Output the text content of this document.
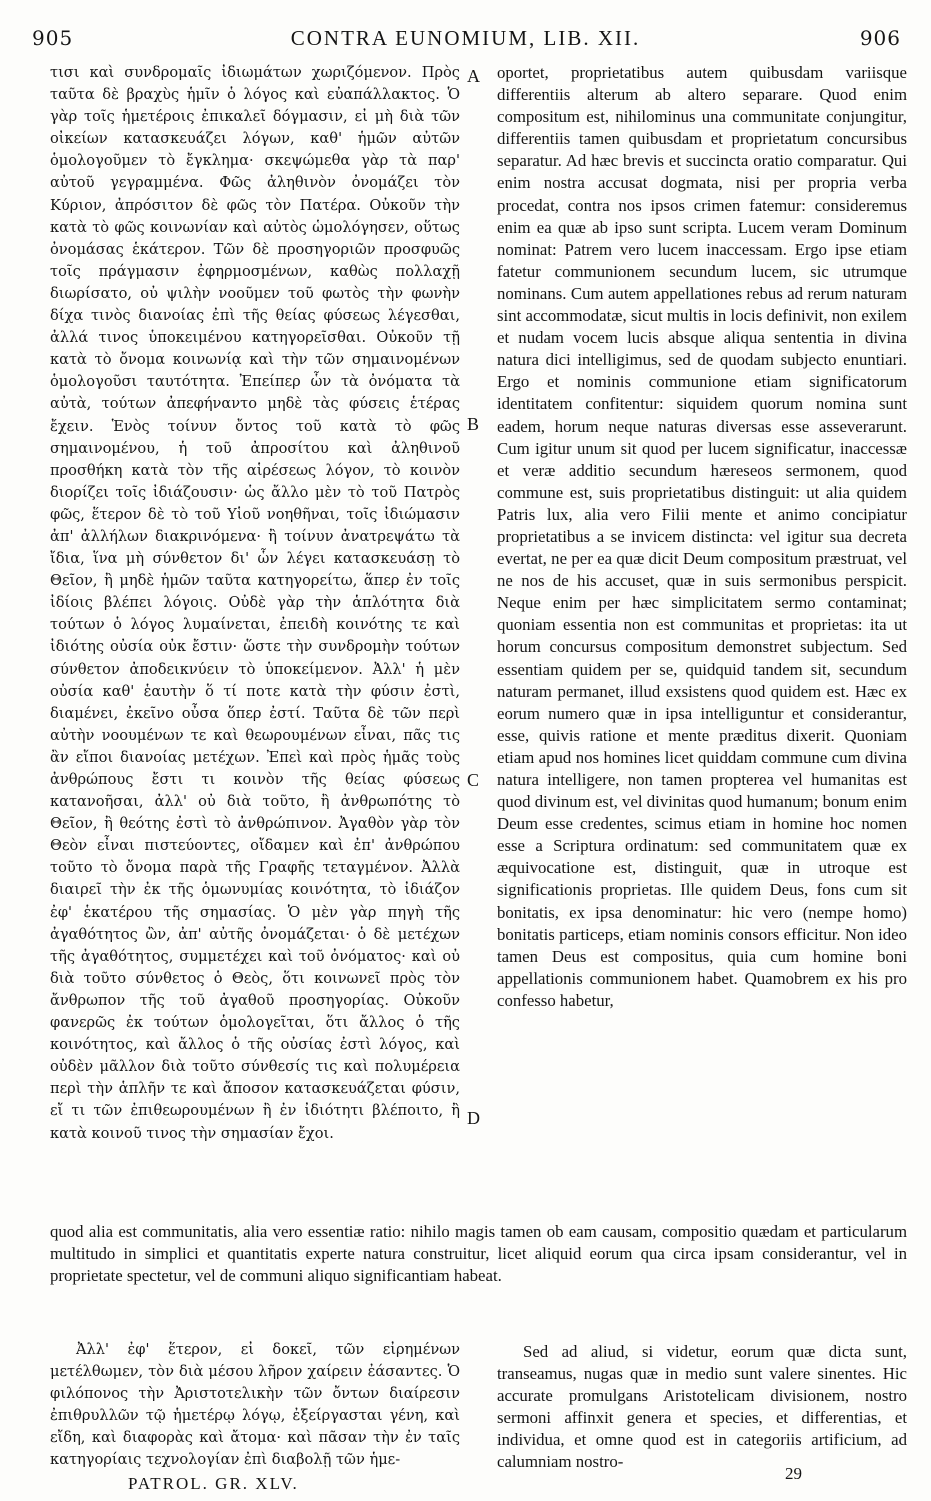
905	CONTRA EUNOMIUM, LIB. XII.	906

τισι καὶ συνδρομαῖς ἰδιωμάτων χωριζόμενον. Πρὸς ταῦτα δὲ βραχὺς ἡμῖν ὁ λόγος καὶ εὐαπάλλακτος. Ὁ γὰρ τοῖς ἡμετέροις ἐπικαλεῖ δόγμασιν, εἰ μὴ διὰ τῶν οἰκείων κατασκευάζει λόγων, καθ' ἡμῶν αὐτῶν ὁμολογοῦμεν τὸ ἔγκλημα· σκεψώμεθα γὰρ τὰ παρ' αὐτοῦ γεγραμμένα. Φῶς ἀληθινὸν ὀνομάζει τὸν Κύριον, ἀπρόσιτον δὲ φῶς τὸν Πατέρα. Οὐκοῦν τὴν κατὰ τὸ φῶς κοινωνίαν καὶ αὐτὸς ὡμολόγησεν, οὕτως ὀνομάσας ἑκάτερον. Τῶν δὲ προσηγοριῶν προσφυῶς τοῖς πράγμασιν ἐφηρμοσμένων, καθὼς πολλαχῇ διωρίσατο, οὐ ψιλὴν νοοῦμεν τοῦ φωτὸς τὴν φωνὴν δίχα τινὸς διανοίας ἐπὶ τῆς θείας φύσεως λέγεσθαι, ἀλλά τινος ὑποκειμένου κατηγορεῖσθαι. Οὐκοῦν τῇ κατὰ τὸ ὄνομα κοινωνίᾳ καὶ τὴν τῶν σημαινομένων ὁμολογοῦσι ταυτότητα. Ἐπείπερ ὧν τὰ ὀνόματα τὰ αὐτὰ, τούτων ἀπεφήναντο μηδὲ τὰς φύσεις ἑτέρας ἔχειν. Ἑνὸς τοίνυν ὄντος τοῦ κατὰ τὸ φῶς σημαινομένου, ἡ τοῦ ἀπροσίτου καὶ ἀληθινοῦ προσθήκη κατὰ τὸν τῆς αἱρέσεως λόγον, τὸ κοινὸν διορίζει τοῖς ἰδιάζουσιν· ὡς ἄλλο μὲν τὸ τοῦ Πατρὸς φῶς, ἕτερον δὲ τὸ τοῦ Υἱοῦ νοηθῆναι, τοῖς ἰδιώμασιν ἀπ' ἀλλήλων διακρινόμενα· ἢ τοίνυν ἀνατρεψάτω τὰ ἴδια, ἵνα μὴ σύνθετον δι' ὧν λέγει κατασκευάσῃ τὸ Θεῖον, ἢ μηδὲ ἡμῶν ταῦτα κατηγορείτω, ἅπερ ἐν τοῖς ἰδίοις βλέπει λόγοις. Οὐδὲ γὰρ τὴν ἁπλότητα διὰ τούτων ὁ λόγος λυμαίνεται, ἐπειδὴ κοινότης τε καὶ ἰδιότης οὐσία οὐκ ἔστιν· ὥστε τὴν συνδρομὴν τούτων σύνθετον ἀποδεικνύειν τὸ ὑποκείμενον. Ἀλλ' ἡ μὲν οὐσία καθ' ἑαυτὴν ὅ τί ποτε κατὰ τὴν φύσιν ἐστὶ, διαμένει, ἐκεῖνο οὖσα ὅπερ ἐστί. Ταῦτα δὲ τῶν περὶ αὐτὴν νοουμένων τε καὶ θεωρουμένων εἶναι, πᾶς τις ἂν εἴποι διανοίας μετέχων. Ἐπεὶ καὶ πρὸς ἡμᾶς τοὺς ἀνθρώπους ἔστι τι κοινὸν τῆς θείας φύσεως κατανοῆσαι, ἀλλ' οὐ διὰ τοῦτο, ἢ ἀνθρωπότης τὸ Θεῖον, ἢ θεότης ἐστὶ τὸ ἀνθρώπινον. Ἀγαθὸν γὰρ τὸν Θεὸν εἶναι πιστεύοντες, οἴδαμεν καὶ ἐπ' ἀνθρώπου τοῦτο τὸ ὄνομα παρὰ τῆς Γραφῆς τεταγμένον. Ἀλλὰ διαιρεῖ τὴν ἐκ τῆς ὁμωνυμίας κοινότητα, τὸ ἰδιάζον ἐφ' ἑκατέρου τῆς σημασίας. Ὁ μὲν γὰρ πηγὴ τῆς ἀγαθότητος ὢν, ἀπ' αὐτῆς ὀνομάζεται· ὁ δὲ μετέχων τῆς ἀγαθότητος, συμμετέχει καὶ τοῦ ὀνόματος· καὶ οὐ διὰ τοῦτο σύνθετος ὁ Θεὸς, ὅτι κοινωνεῖ πρὸς τὸν ἄνθρωπον τῆς τοῦ ἀγαθοῦ προσηγορίας. Οὐκοῦν φανερῶς ἐκ τούτων ὁμολογεῖται, ὅτι ἄλλος ὁ τῆς κοινότητος, καὶ ἄλλος ὁ τῆς οὐσίας ἐστὶ λόγος, καὶ οὐδὲν μᾶλλον διὰ τοῦτο σύνθεσίς τις καὶ πολυμέρεια περὶ τὴν ἁπλῆν τε καὶ ἄποσον κατασκευάζεται φύσιν, εἴ τι τῶν ἐπιθεωρουμένων ἢ ἐν ἰδιότητι βλέποιτο, ἢ κατὰ κοινοῦ τινος τὴν σημασίαν ἔχοι.

oportet, proprietatibus autem quibusdam variisque differentiis alterum ab altero separare. Quod enim compositum est, nihilominus una communitate conjungitur, differentiis tamen quibusdam et proprietatum concursibus separatur. Ad hæc brevis et succincta oratio comparatur. Qui enim nostra accusat dogmata, nisi per propria verba procedat, contra nos ipsos crimen fatemur: consideremus enim ea quæ ab ipso sunt scripta. Lucem veram Dominum nominat: Patrem vero lucem inaccessam. Ergo ipse etiam fatetur communionem secundum lucem, sic utrumque nominans. Cum autem appellationes rebus ad rerum naturam sint accommodatæ, sicut multis in locis definivit, non exilem et nudam vocem lucis absque aliqua sententia in divina natura dici intelligimus, sed de quodam subjecto enuntiari. Ergo et nominis communione etiam significatorum identitatem confitentur: siquidem quorum nomina sunt eadem, horum neque naturas diversas esse asseverarunt. Cum igitur unum sit quod per lucem significatur, inaccessæ et veræ additio secundum hæreseos sermonem, quod commune est, suis proprietatibus distinguit: ut alia quidem Patris lux, alia vero Filii mente et animo concipiatur proprietatibus a se invicem distincta: vel igitur sua decreta evertat, ne per ea quæ dicit Deum compositum præstruat, vel ne nos de his accuset, quæ in suis sermonibus perspicit. Neque enim per hæc simplicitatem sermo contaminat; quoniam essentia non est communitas et proprietas: ita ut horum concursus compositum demonstret subjectum. Sed essentiam quidem per se, quidquid tandem sit, secundum naturam permanet, illud exsistens quod quidem est. Hæc ex eorum numero quæ in ipsa intelliguntur et considerantur, esse, quivis ratione et mente præditus dixerit. Quoniam etiam apud nos homines licet quiddam commune cum divina natura intelligere, non tamen propterea vel humanitas est quod divinum est, vel divinitas quod humanum; bonum enim Deum esse credentes, scimus etiam in homine hoc nomen esse a Scriptura ordinatum: sed communitatem quæ ex æquivocatione est, distinguit, quæ in utroque est significationis proprietas. Ille quidem Deus, fons cum sit bonitatis, ex ipsa denominatur: hic vero (nempe homo) bonitatis particeps, etiam nominis consors efficitur. Non ideo tamen Deus est compositus, quia cum homine boni appellationis communionem habet. Quamobrem ex his pro confesso habetur,

A
B
C
D

quod alia est communitatis, alia vero essentiæ ratio: nihilo magis tamen ob eam causam, compositio quædam et particularum multitudo in simplici et quantitatis experte natura construitur, licet aliquid eorum qua circa ipsam considerantur, vel in proprietate spectetur, vel de communi aliquo significantiam habeat.

Ἀλλ' ἐφ' ἕτερον, εἰ δοκεῖ, τῶν εἰρημένων μετέλθωμεν, τὸν διὰ μέσου λῆρον χαίρειν ἐάσαντες. Ὁ φιλόπονος τὴν Ἀριστοτελικὴν τῶν ὄντων διαίρεσιν ἐπιθρυλλῶν τῷ ἡμετέρῳ λόγῳ, ἐξείργασται γένη, καὶ εἴδη, καὶ διαφορὰς καὶ ἄτομα· καὶ πᾶσαν τὴν ἐν ταῖς κατηγορίαις τεχνολογίαν ἐπὶ διαβολῇ τῶν ἡμε-

Sed ad aliud, si videtur, eorum quæ dicta sunt, transeamus, nugas quæ in medio sunt valere sinentes. Hic accurate promulgans Aristotelicam divisionem, nostro sermoni affinxit genera et species, et differentias, et individua, et omne quod est in categoriis artificium, ad calumniam nostro-

PATROL. GR. XLV.
29
